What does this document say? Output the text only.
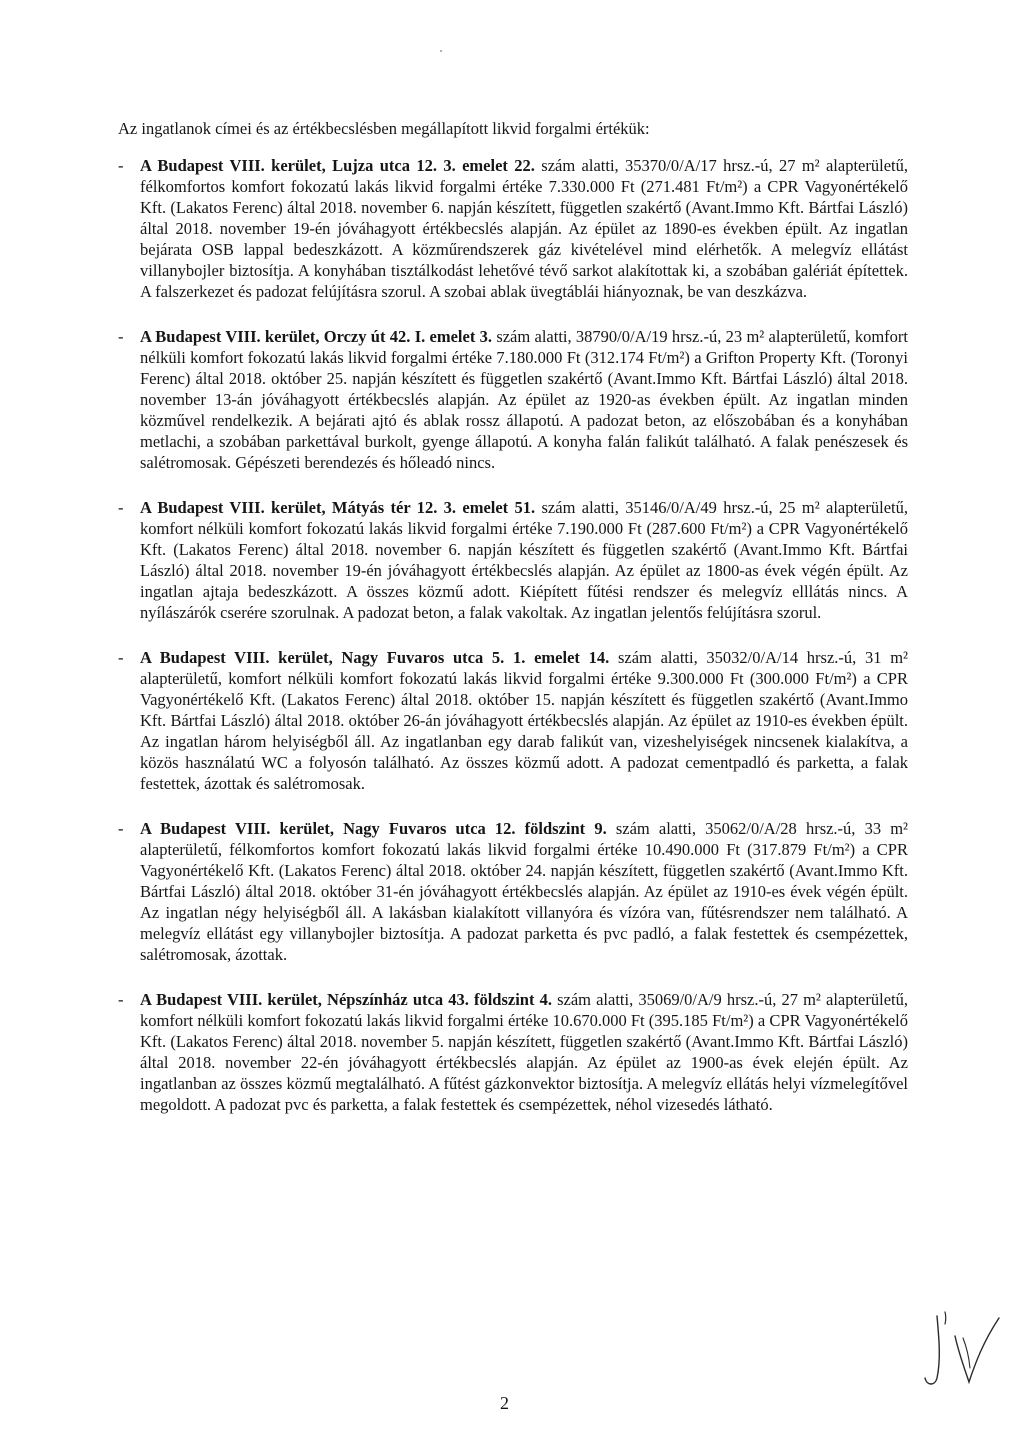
Az ingatlanok címei és az értékbecslésben megállapított likvid forgalmi értékük:

- A Budapest VIII. kerület, Lujza utca 12. 3. emelet 22. szám alatti, 35370/0/A/17 hrsz.-ú, 27 m² alapterületű, félkomfortos komfort fokozatú lakás likvid forgalmi értéke 7.330.000 Ft (271.481 Ft/m²) a CPR Vagyonértékelő Kft. (Lakatos Ferenc) által 2018. november 6. napján készített, független szakértő (Avant.Immo Kft. Bártfai László) által 2018. november 19-én jóváhagyott értékbecslés alapján. Az épület az 1890-es években épült. Az ingatlan bejárata OSB lappal bedeszkázott. A közműrendszerek gáz kivételével mind elérhetők. A melegvíz ellátást villanybojler biztosítja. A konyhában tisztálkodást lehetővé tévő sarkot alakítottak ki, a szobában galériát építettek. A falszerkezet és padozat felújításra szorul. A szobai ablak üvegtáblái hiányoznak, be van deszkázva.
- A Budapest VIII. kerület, Orczy út 42. I. emelet 3. szám alatti, 38790/0/A/19 hrsz.-ú, 23 m² alapterületű, komfort nélküli komfort fokozatú lakás likvid forgalmi értéke 7.180.000 Ft (312.174 Ft/m²) a Grifton Property Kft. (Toronyi Ferenc) által 2018. október 25. napján készített és független szakértő (Avant.Immo Kft. Bártfai László) által 2018. november 13-án jóváhagyott értékbecslés alapján. Az épület az 1920-as években épült. Az ingatlan minden közművel rendelkezik. A bejárati ajtó és ablak rossz állapotú. A padozat beton, az előszobában és a konyhában metlachi, a szobában parkettával burkolt, gyenge állapotú. A konyha falán falikút található. A falak penészesek és salétromosak. Gépészeti berendezés és hőleadó nincs.
- A Budapest VIII. kerület, Mátyás tér 12. 3. emelet 51. szám alatti, 35146/0/A/49 hrsz.-ú, 25 m² alapterületű, komfort nélküli komfort fokozatú lakás likvid forgalmi értéke 7.190.000 Ft (287.600 Ft/m²) a CPR Vagyonértékelő Kft. (Lakatos Ferenc) által 2018. november 6. napján készített és független szakértő (Avant.Immo Kft. Bártfai László) által 2018. november 19-én jóváhagyott értékbecslés alapján. Az épület az 1800-as évek végén épült. Az ingatlan ajtaja bedeszkázott. A összes közmű adott. Kiépített fűtési rendszer és melegvíz elllátás nincs. A nyílászárók cserére szorulnak. A padozat beton, a falak vakoltak. Az ingatlan jelentős felújításra szorul.
- A Budapest VIII. kerület, Nagy Fuvaros utca 5. 1. emelet 14. szám alatti, 35032/0/A/14 hrsz.-ú, 31 m² alapterületű, komfort nélküli komfort fokozatú lakás likvid forgalmi értéke 9.300.000 Ft (300.000 Ft/m²) a CPR Vagyonértékelő Kft. (Lakatos Ferenc) által 2018. október 15. napján készített és független szakértő (Avant.Immo Kft. Bártfai László) által 2018. október 26-án jóváhagyott értékbecslés alapján. Az épület az 1910-es években épült. Az ingatlan három helyiségből áll. Az ingatlanban egy darab falikút van, vizeshelyiségek nincsenek kialakítva, a közös használatú WC a folyosón található. Az összes közmű adott. A padozat cementpadló és parketta, a falak festettek, ázottak és salétromosak.
- A Budapest VIII. kerület, Nagy Fuvaros utca 12. földszint 9. szám alatti, 35062/0/A/28 hrsz.-ú, 33 m² alapterületű, félkomfortos komfort fokozatú lakás likvid forgalmi értéke 10.490.000 Ft (317.879 Ft/m²) a CPR Vagyonértékelő Kft. (Lakatos Ferenc) által 2018. október 24. napján készített, független szakértő (Avant.Immo Kft. Bártfai László) által 2018. október 31-én jóváhagyott értékbecslés alapján. Az épület az 1910-es évek végén épült. Az ingatlan négy helyiségből áll. A lakásban kialakított villanyóra és vízóra van, fűtésrendszer nem található. A melegvíz ellátást egy villanybojler biztosítja. A padozat parketta és pvc padló, a falak festettek és csempézettek, salétromosak, ázottak.
- A Budapest VIII. kerület, Népszínház utca 43. földszint 4. szám alatti, 35069/0/A/9 hrsz.-ú, 27 m² alapterületű, komfort nélküli komfort fokozatú lakás likvid forgalmi értéke 10.670.000 Ft (395.185 Ft/m²) a CPR Vagyonértékelő Kft. (Lakatos Ferenc) által 2018. november 5. napján készített, független szakértő (Avant.Immo Kft. Bártfai László) által 2018. november 22-én jóváhagyott értékbecslés alapján. Az épület az 1900-as évek elején épült. Az ingatlanban az összes közmű megtalálható. A fűtést gázkonvektor biztosítja. A melegvíz ellátás helyi vízmelegítővel megoldott. A padozat pvc és parketta, a falak festettek és csempézettek, néhol vizesedés látható.
2
